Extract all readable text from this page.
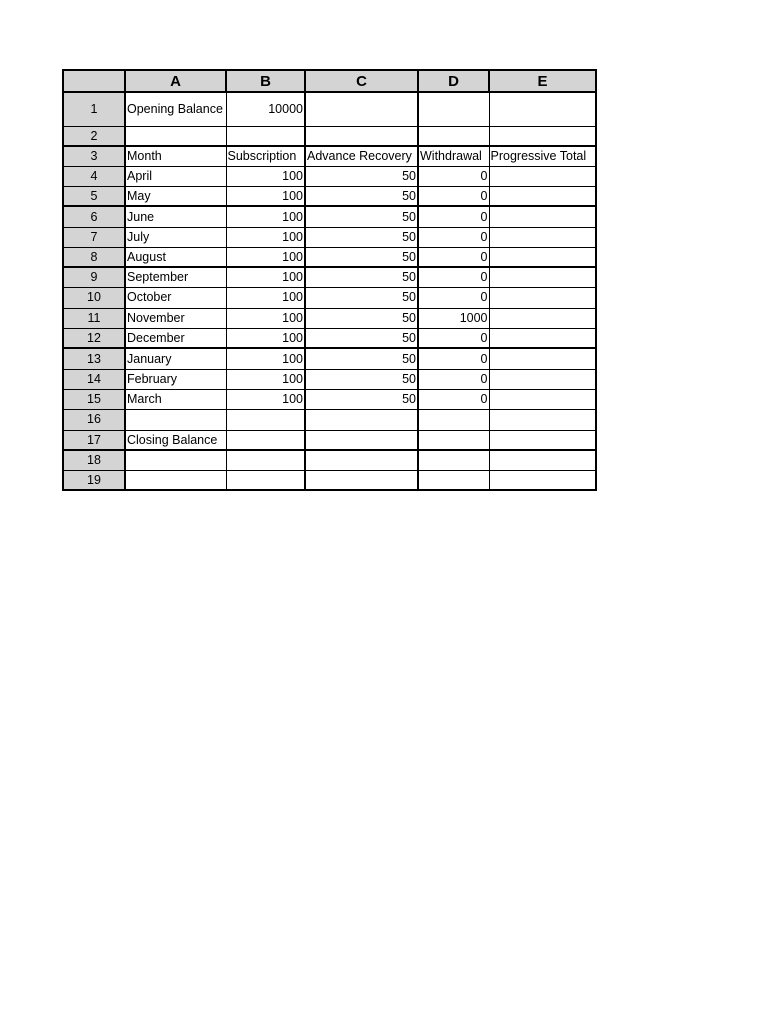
	A	B	C	D	E
1	Opening Balance	10000			
2					
3	Month	Subscription	Advance Recovery	Withdrawal	Progressive Total
4	April	100	50	0	
5	May	100	50	0	
6	June	100	50	0	
7	July	100	50	0	
8	August	100	50	0	
9	September	100	50	0	
10	October	100	50	0	
11	November	100	50	1000	
12	December	100	50	0	
13	January	100	50	0	
14	February	100	50	0	
15	March	100	50	0	
16					
17	Closing Balance				
18					
19					
